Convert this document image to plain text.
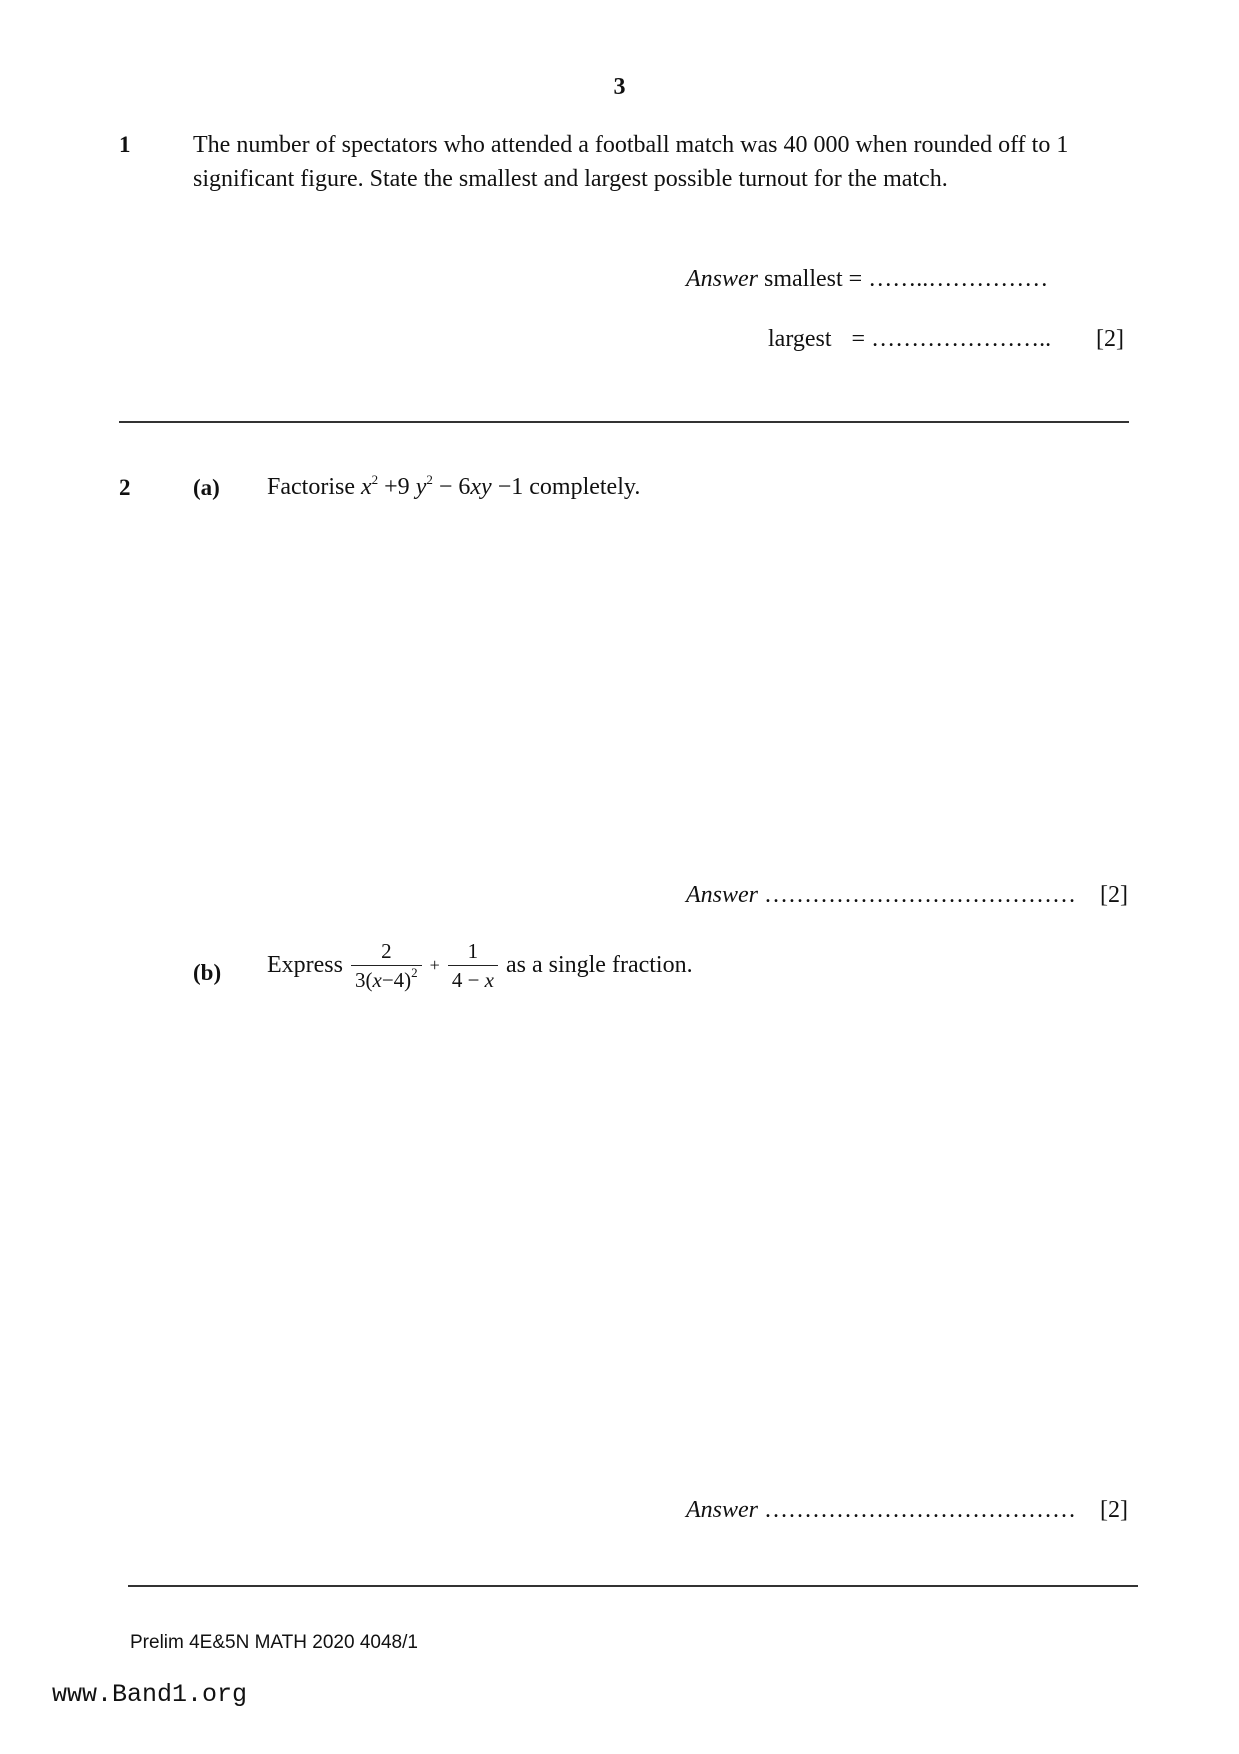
3
1	The number of spectators who attended a football match was 40 000 when rounded off to 1
significant figure. State the smallest and largest possible turnout for the match.
Answer smallest = ……..……………
largest = ………………….. [2]
2	(a) Factorise $x^2 +9$ $y^2 - 6xy -1$ completely.
Answer ………………………………… [2]
(b) Express $\frac{2}{3(x-4)^2} + \frac{1}{4 - x}$ as a single fraction.
Answer ………………………………… [2]
Prelim 4E&5N MATH 2020 4048/1
www.Band1.org
